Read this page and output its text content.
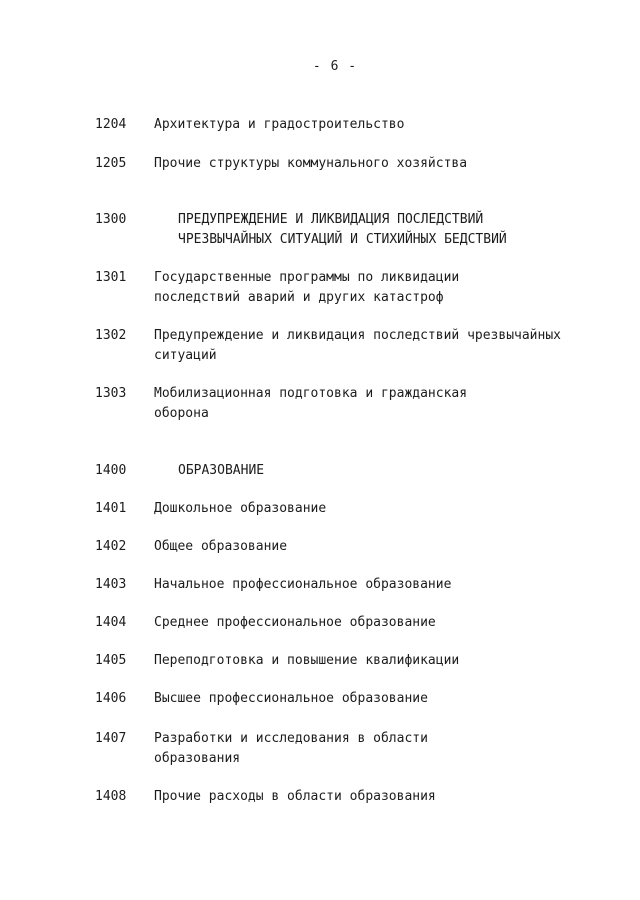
- 6 -
1204 Архитектура и градостроительство
1205 Прочие структуры коммунального хозяйства
1300	ПРЕДУПРЕЖДЕНИЕ И ЛИКВИДАЦИЯ ПОСЛЕДСТВИЙ
ЧРЕЗВЫЧАЙНЫХ СИТУАЦИЙ И СТИХИЙНЫХ БЕДСТВИЙ
1301 Государственные программы по ликвидации
последствий аварий и других катастроф
1302 Предупреждение и ликвидация последствий чрезвычайных
ситуаций
1303 Мобилизационная подготовка и гражданская
оборона
1400	ОБРАЗОВАНИЕ
1401 Дошкольное образование
1402 Общее образование
1403 Начальное профессиональное образование
1404 Среднее профессиональное образование
1405 Переподготовка и повышение квалификации
1406 Высшее профессиональное образование
1407 Разработки и исследования в области
образования
1408 Прочие расходы в области образования
